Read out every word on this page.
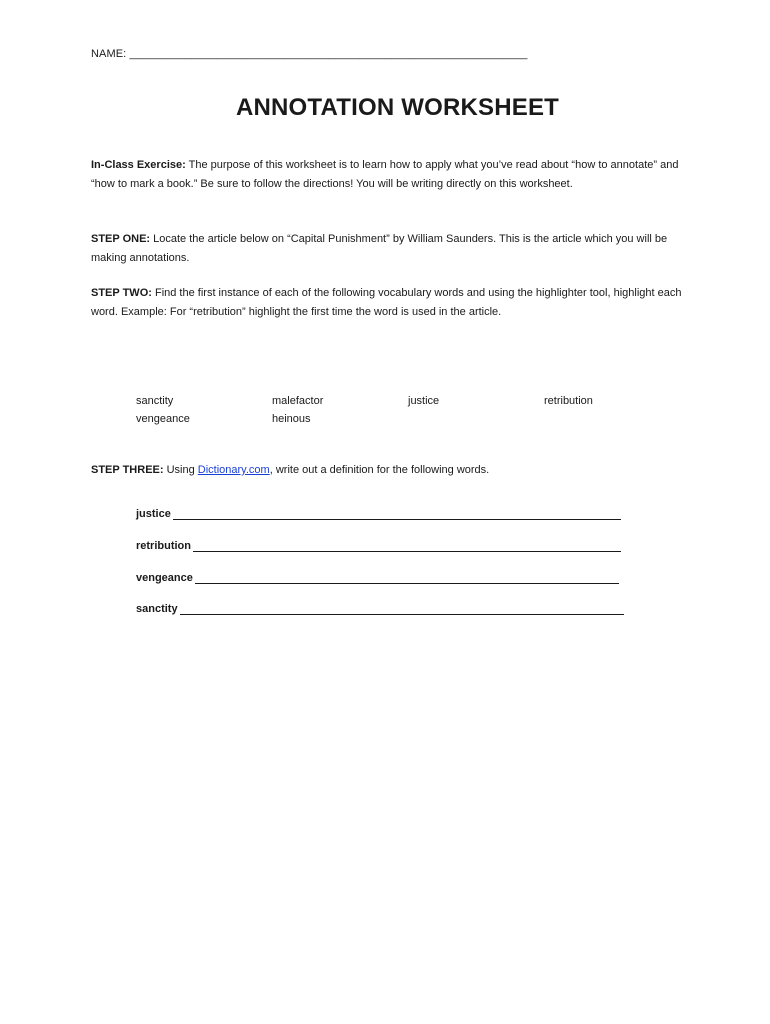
NAME: ________________________________________________________________
ANNOTATION WORKSHEET
In-Class Exercise: The purpose of this worksheet is to learn how to apply what you’ve read about “how to annotate” and “how to mark a book.” Be sure to follow the directions! You will be writing directly on this worksheet.
STEP ONE: Locate the article below on “Capital Punishment” by William Saunders. This is the article which you will be making annotations.
STEP TWO: Find the first instance of each of the following vocabulary words and using the highlighter tool, highlight each word. Example: For “retribution” highlight the first time the word is used in the article.
sanctity	malefactor	justice	retribution
vengeance	heinous
STEP THREE: Using Dictionary.com, write out a definition for the following words.
justice
retribution
vengeance
sanctity
